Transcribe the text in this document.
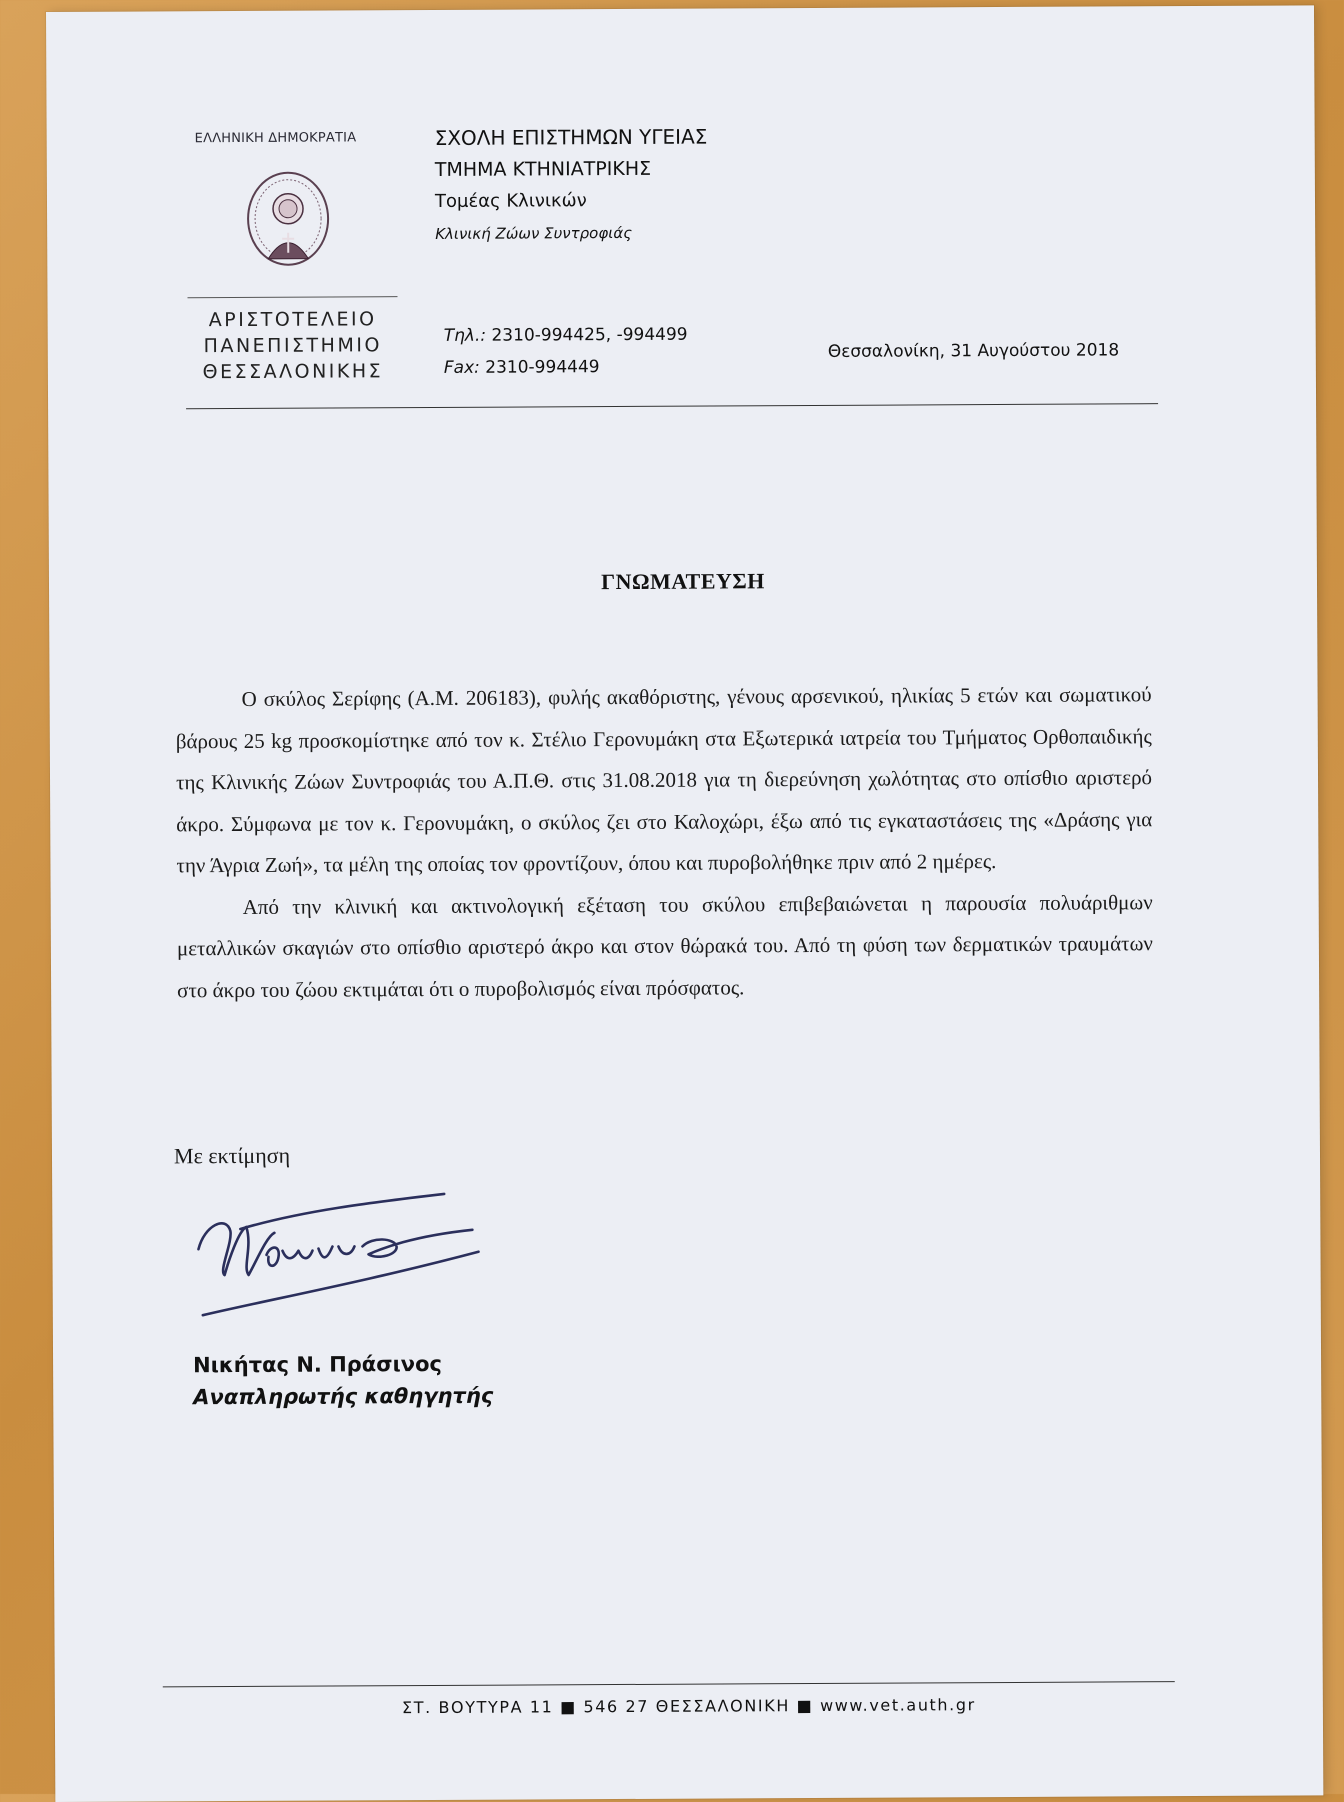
ΕΛΛΗΝΙΚΗ ΔΗΜΟΚΡΑΤΙΑ
ΑΡΙΣΤΟΤΕΛΕΙΟ
ΠΑΝΕΠΙΣΤΗΜΙΟ
ΘΕΣΣΑΛΟΝΙΚΗΣ
ΣΧΟΛΗ ΕΠΙΣΤΗΜΩΝ ΥΓΕΙΑΣ
ΤΜΗΜΑ ΚΤΗΝΙΑΤΡΙΚΗΣ
Τομέας Κλινικών
Κλινική Ζώων Συντροφιάς
Τηλ.: 2310-994425, -994499
Fax: 2310-994449
Θεσσαλονίκη, 31 Αυγούστου 2018
ΓΝΩΜΑΤΕΥΣΗ

Ο σκύλος Σερίφης (Α.Μ. 206183), φυλής ακαθόριστης, γένους αρσενικού, ηλικίας 5 ετών και σωματικού βάρους 25 kg προσκομίστηκε από τον κ. Στέλιο Γερονυμάκη στα Εξωτερικά ιατρεία του Τμήματος Ορθοπαιδικής της Κλινικής Ζώων Συντροφιάς του Α.Π.Θ. στις 31.08.2018 για τη διερεύνηση χωλότητας στο οπίσθιο αριστερό άκρο. Σύμφωνα με τον κ. Γερονυμάκη, ο σκύλος ζει στο Καλοχώρι, έξω από τις εγκαταστάσεις της «Δράσης για την Άγρια Ζωή», τα μέλη της οποίας τον φροντίζουν, όπου και πυροβολήθηκε πριν από 2 ημέρες.

Από την κλινική και ακτινολογική εξέταση του σκύλου επιβεβαιώνεται η παρουσία πολυάριθμων μεταλλικών σκαγιών στο οπίσθιο αριστερό άκρο και στον θώρακά του. Από τη φύση των δερματικών τραυμάτων στο άκρο του ζώου εκτιμάται ότι ο πυροβολισμός είναι πρόσφατος.

Με εκτίμηση
Νικήτας Ν. Πράσινος
Αναπληρωτής καθηγητής
ΣΤ. ΒΟΥΤΥΡΑ 11 ■ 546 27 ΘΕΣΣΑΛΟΝΙΚΗ ■ www.vet.auth.gr
